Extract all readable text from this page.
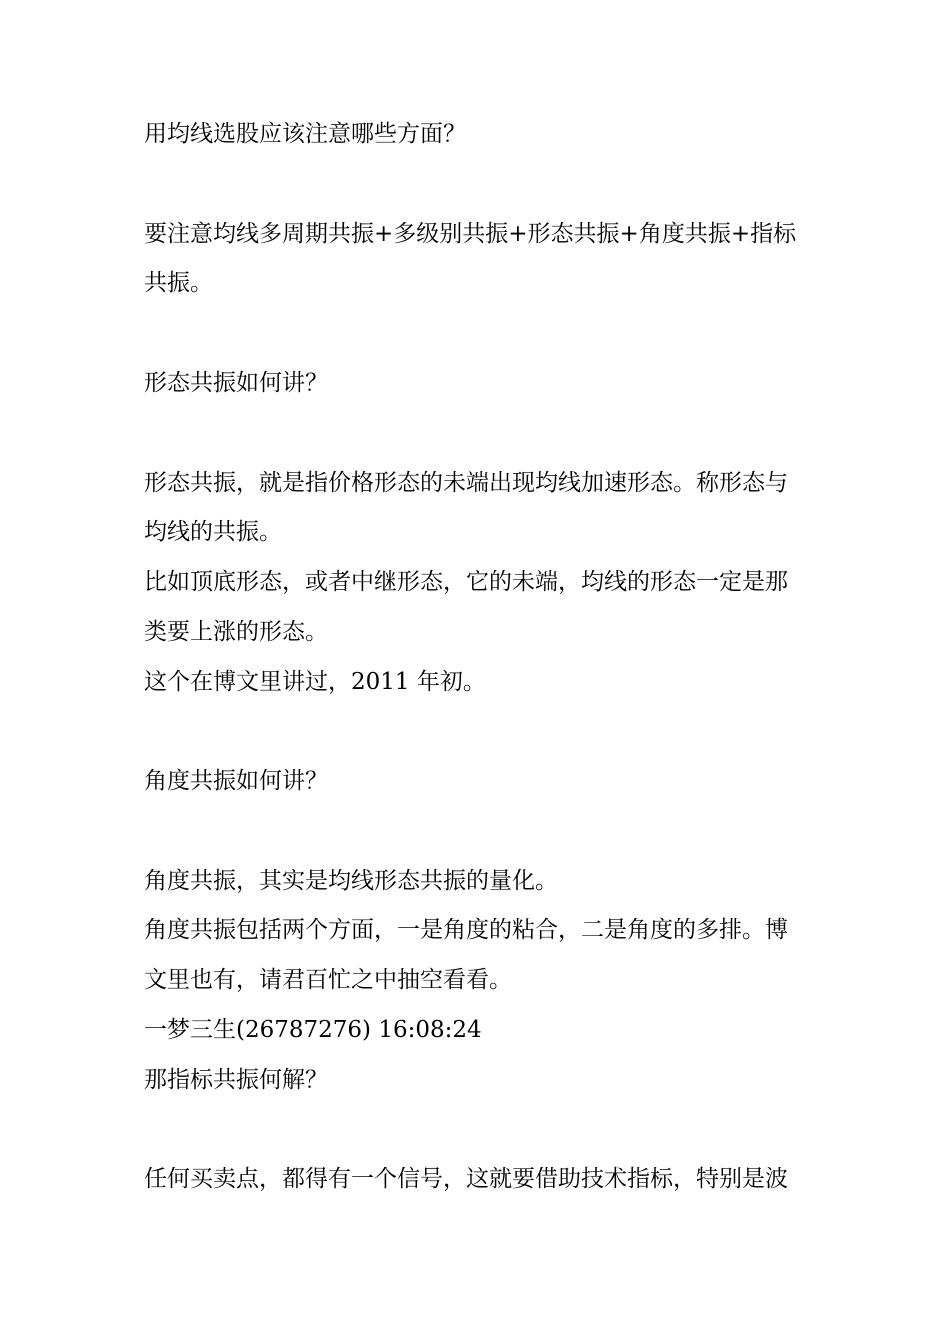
用均线选股应该注意哪些方面？
要注意均线多周期共振+多级别共振+形态共振+角度共振+指标
共振。
形态共振如何讲？
形态共振，就是指价格形态的未端出现均线加速形态。称形态与
均线的共振。
比如顶底形态，或者中继形态，它的未端，均线的形态一定是那
类要上涨的形态。
这个在博文里讲过，2011 年初。
角度共振如何讲？
角度共振，其实是均线形态共振的量化。
角度共振包括两个方面，一是角度的粘合，二是角度的多排。博
文里也有，请君百忙之中抽空看看。
一梦三生(26787276) 16:08:24
那指标共振何解？
任何买卖点，都得有一个信号，这就要借助技术指标，特别是波
